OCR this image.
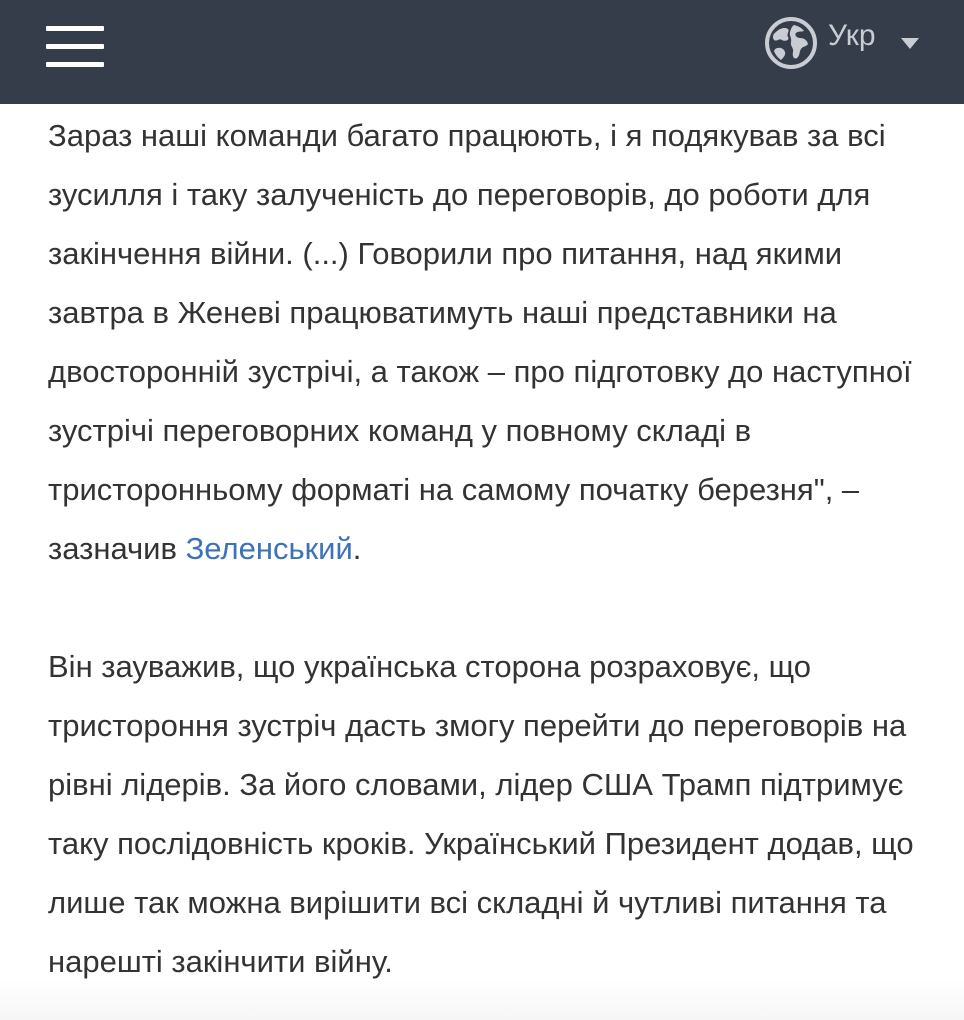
Укр

Зараз наші команди багато працюють, і я подякував за всі зусилля і таку залученість до переговорів, до роботи для закінчення війни. (...) Говорили про питання, над якими завтра в Женеві працюватимуть наші представники на двосторонній зустрічі, а також – про підготовку до наступної зустрічі переговорних команд у повному складі в тристоронньому форматі на самому початку березня", – зазначив Зеленський.

Він зауважив, що українська сторона розраховує, що тристороння зустріч дасть змогу перейти до переговорів на рівні лідерів. За його словами, лідер США Трамп підтримує таку послідовність кроків. Український Президент додав, що лише так можна вирішити всі складні й чутливі питання та нарешті закінчити війну.
